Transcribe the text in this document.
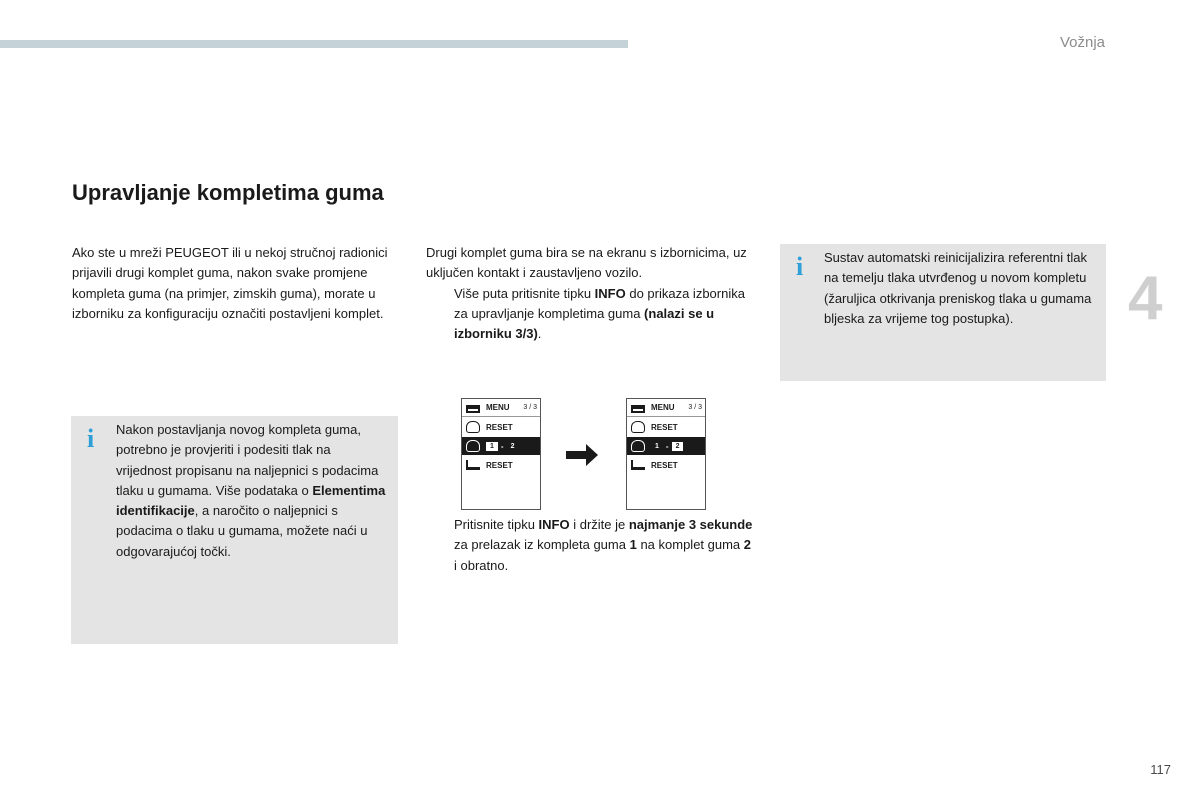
Vožnja
4
Upravljanje kompletima guma

Ako ste u mreži PEUGEOT ili u nekoj stručnoj radionici prijavili drugi komplet guma, nakon svake promjene kompleta guma (na primjer, zimskih guma), morate u izborniku za konfiguraciju označiti postavljeni komplet.

i Nakon postavljanja novog kompleta guma, potrebno je provjeriti i podesiti tlak na vrijednost propisanu na naljepnici s podacima tlaku u gumama. Više podataka o Elementima identifikacije, a naročito o naljepnici s podacima o tlaku u gumama, možete naći u odgovarajućoj točki.

Drugi komplet guma bira se na ekranu s izbornicima, uz uključen kontakt i zaustavljeno vozilo.

Više puta pritisnite tipku INFO do prikaza izbornika za upravljanje kompletima guma (nalazi se u izborniku 3/3).

MENU 3 / 3
RESET
1 -	2
RESET
MENU 3 / 3
RESET
1 -	2
RESET

Pritisnite tipku INFO i držite je najmanje 3 sekunde za prelazak iz kompleta guma 1 na komplet guma 2 i obratno.

i Sustav automatski reinicijalizira referentni tlak na temelju tlaka utvrđenog u novom kompletu (žaruljica otkrivanja preniskog tlaka u gumama bljeska za vrijeme tog postupka).

117
